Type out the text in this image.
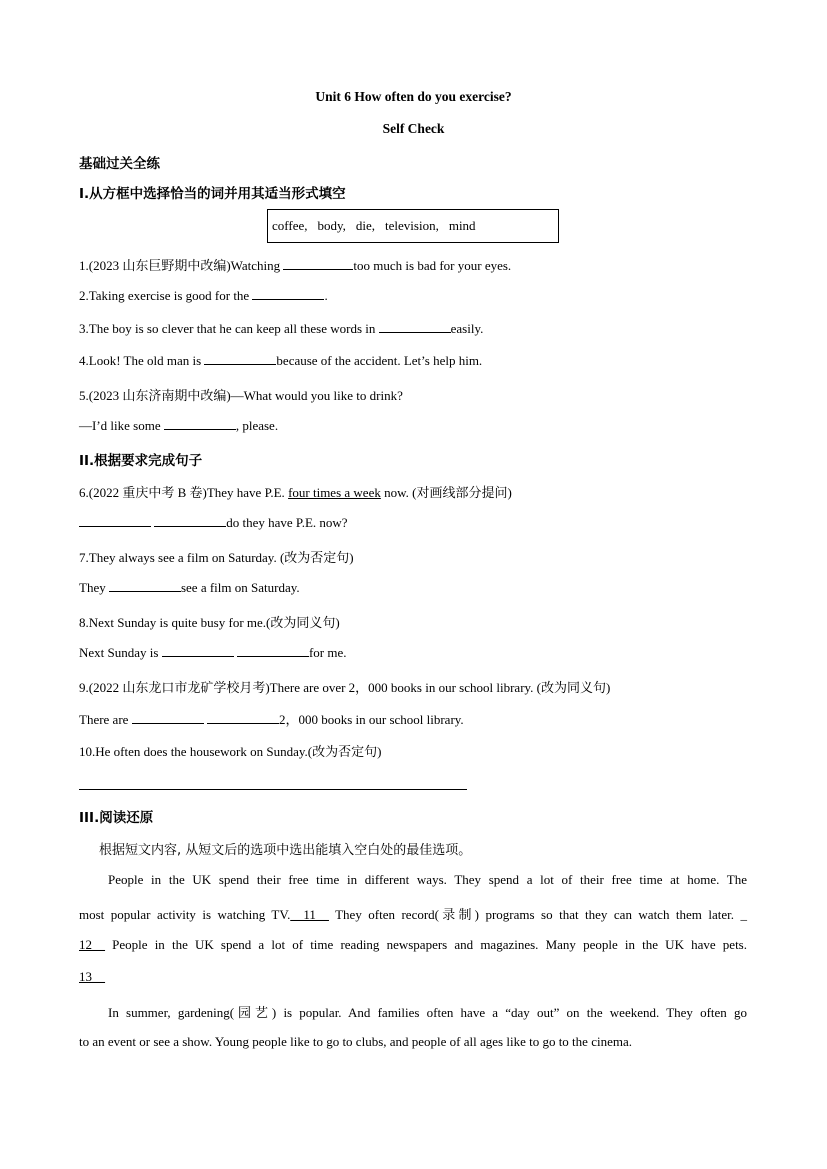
Unit 6 How often do you exercise?
Self Check
基础过关全练
I.从方框中选择恰当的词并用其适当形式填空
coffee, body, die, television, mind
1.(2023 山东巨野期中改编)Watching	too much is bad for your eyes.
2.Taking exercise is good for the	.
3.The boy is so clever that he can keep all these words in	easily.
4.Look! The old man is	because of the accident. Let’s help him.
5.(2023 山东济南期中改编)—What would you like to drink?
—I’d like some	, please.
II.根据要求完成句子
6.(2022 重庆中考 B 卷)They have P.E. four times a week now. (对画线部分提问)
do they have P.E. now?
7.They always see a film on Saturday. (改为否定句)
They	see a film on Saturday.
8.Next Sunday is quite busy for me.(改为同义句)
Next Sunday is	for me.
9.(2022 山东龙口市龙矿学校月考)There are over 2，000 books in our school library. (改为同义句)
There are	2，000 books in our school library.
10.He often does the housework on Sunday.(改为否定句)
III.阅读还原
根据短文内容, 从短文后的选项中选出能填入空白处的最佳选项。
People in the UK spend their free time in different ways. They spend a lot of their free time at home. The
most popular activity is watching TV.__11__ They often record(录制) programs so that they can watch them later. _
12__ People in the UK spend a lot of time reading newspapers and magazines. Many people in the UK have pets.
13__
In summer, gardening(园艺) is popular. And families often have a “day out” on the weekend. They often go
to an event or see a show. Young people like to go to clubs, and people of all ages like to go to the cinema.
